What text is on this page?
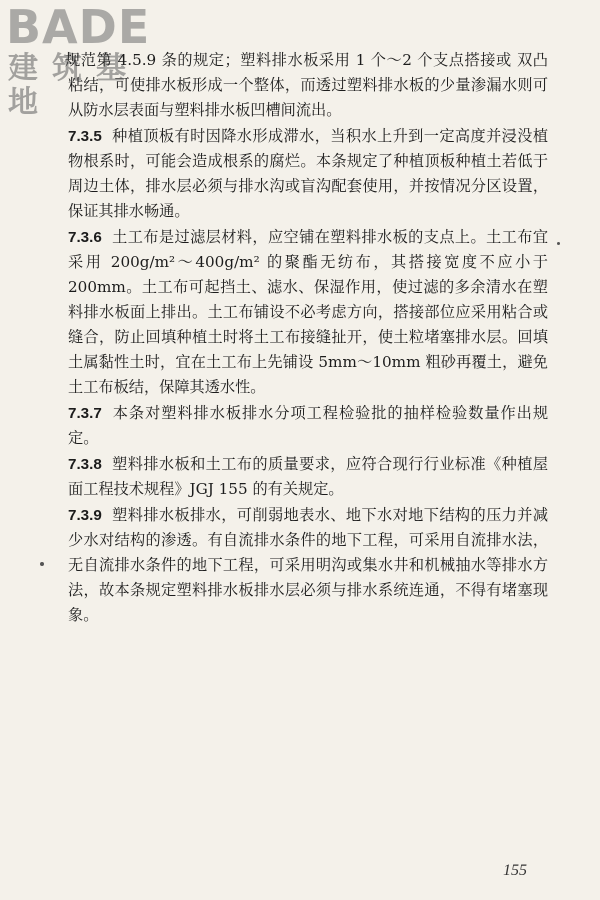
BADE
建筑基地

规范第 4.5.9 条的规定；塑料排水板采用 1 个～2 个支点搭接或 双凸 粘结，可使排水板形成一个整体，而透过塑料排水板的少量渗漏水则可从防水层表面与塑料排水板凹槽间流出。

7.3.5 种植顶板有时因降水形成滞水，当积水上升到一定高度并浸没植物根系时，可能会造成根系的腐烂。本条规定了种植顶板种植土若低于周边土体，排水层必须与排水沟或盲沟配套使用，并按情况分区设置，保证其排水畅通。

7.3.6 土工布是过滤层材料，应空铺在塑料排水板的支点上。土工布宜采用 200g/m²～400g/m² 的聚酯无纺布，其搭接宽度不应小于 200mm。土工布可起挡土、滤水、保湿作用，使过滤的多余清水在塑料排水板面上排出。土工布铺设不必考虑方向，搭接部位应采用粘合或缝合，防止回填种植土时将土工布接缝扯开，使土粒堵塞排水层。回填土属黏性土时，宜在土工布上先铺设 5mm～10mm 粗砂再覆土，避免土工布板结，保障其透水性。

7.3.7 本条对塑料排水板排水分项工程检验批的抽样检验数量作出规定。

7.3.8 塑料排水板和土工布的质量要求，应符合现行行业标准《种植屋面工程技术规程》JGJ 155 的有关规定。

7.3.9 塑料排水板排水，可削弱地表水、地下水对地下结构的压力并减少水对结构的渗透。有自流排水条件的地下工程，可采用自流排水法，无自流排水条件的地下工程，可采用明沟或集水井和机械抽水等排水方法，故本条规定塑料排水板排水层必须与排水系统连通，不得有堵塞现象。

155
